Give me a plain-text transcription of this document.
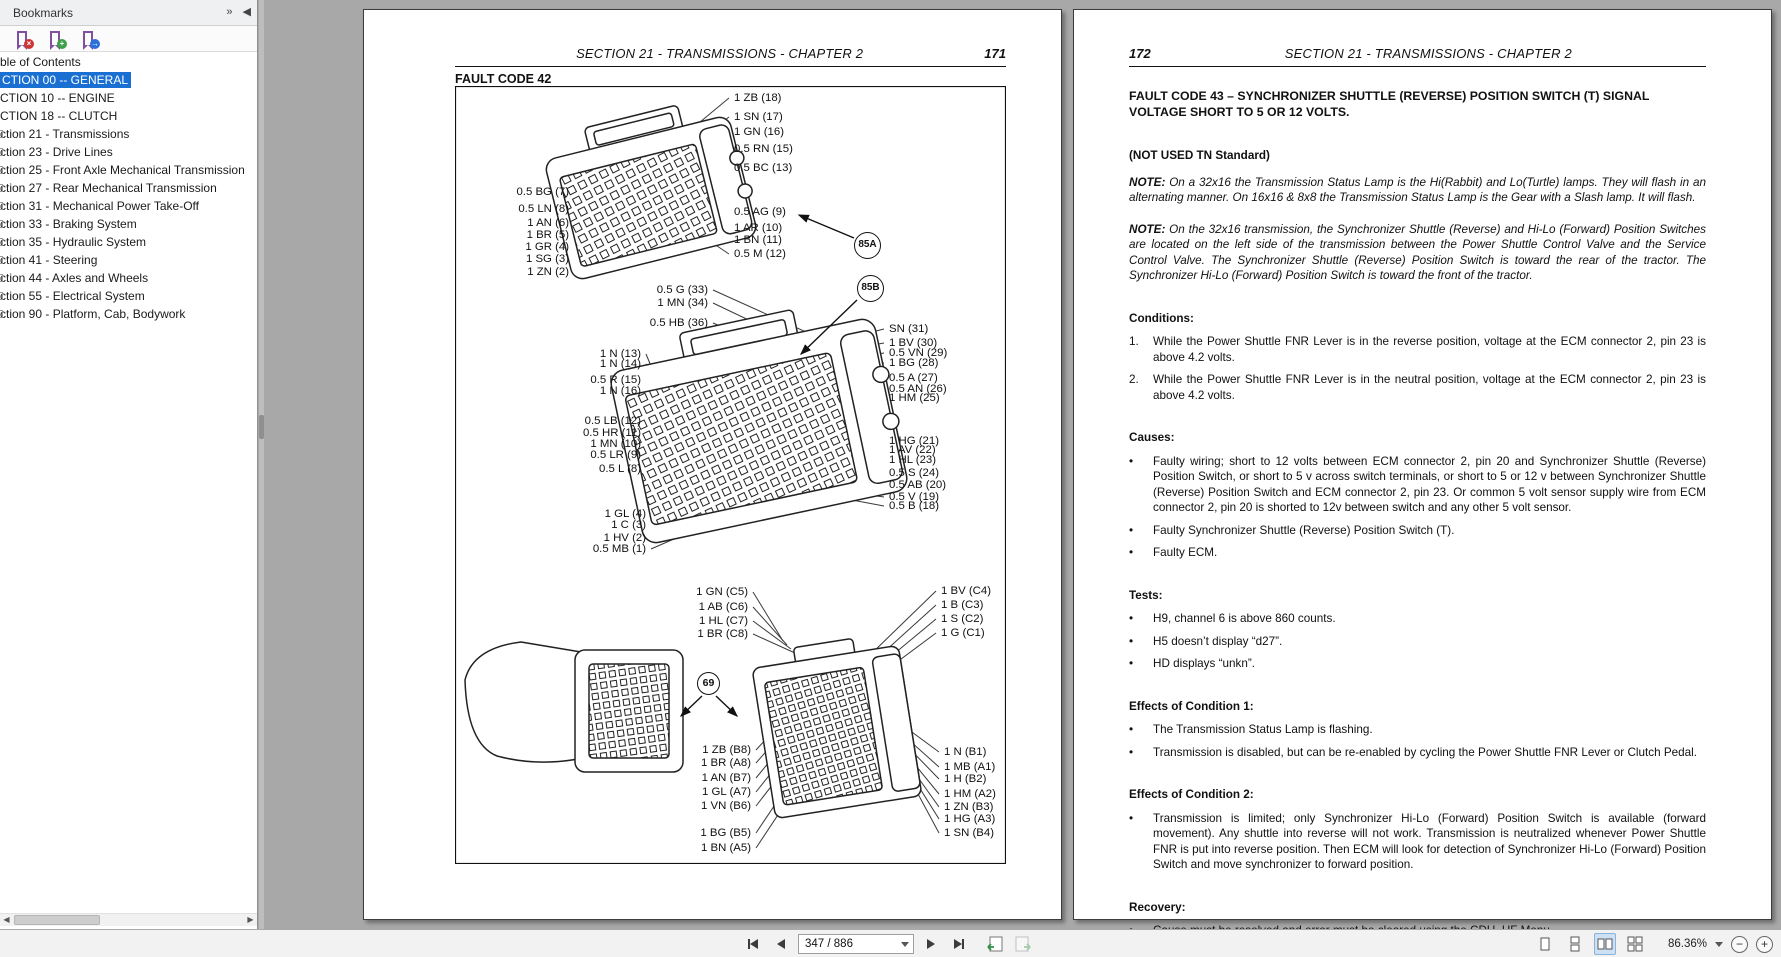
Bookmarks	» ◀
×	+	→
ble of Contents
CTION 00 -- GENERAL
CTION 10 -- ENGINE
CTION 18 -- CLUTCH
ction 21 - Transmissions
ction 23 - Drive Lines
ction 25 - Front Axle Mechanical Transmission
ction 27 - Rear Mechanical Transmission
ction 31 - Mechanical Power Take-Off
ction 33 - Braking System
ction 35 - Hydraulic System
ction 41 - Steering
ction 44 - Axles and Wheels
ction 55 - Electrical System
ction 90 - Platform, Cab, Bodywork
◀	▶
SECTION 21 - TRANSMISSIONS - CHAPTER 2	171
FAULT CODE 42
85A
85B
69
1 ZB (18)
1 SN (17)
1 GN (16)
0.5 RN (15)
0.5 BC (13)
0.5 BG (7)
0.5 LN (8)
1 AN (6)
1 BR (5)
1 GR (4)
1 SG (3)
1 ZN (2)
0.5 AG (9)
1 AR (10)
1 BN (11)
0.5 M (12)
0.5 G (33)
1 MN (34)
0.5 HB (36)
1 N (13)
1 N (14)
0.5 R (15)
1 N (16)
0.5 LB (12)
0.5 HR (11)
1 MN (10)
0.5 LR (9)
0.5 L (8)
SN (31)
1 BV (30)
0.5 VN (29)
1 BG (28)
0.5 A (27)
0.5 AN (26)
1 HM (25)
1 HG (21)
1 AV (22)
1 HL (23)
0.5 S (24)
0.5 AB (20)
0.5 V (19)
0.5 B (18)
1 GL (4)
1 C (3)
1 HV (2)
0.5 MB (1)
1 GN (C5)
1 AB (C6)
1 HL (C7)
1 BR (C8)
1 BV (C4)
1 B (C3)
1 S (C2)
1 G (C1)
1 ZB (B8)
1 BR (A8)
1 AN (B7)
1 GL (A7)
1 VN (B6)
1 BG (B5)
1 BN (A5)
1 N (B1)
1 MB (A1)
1 H (B2)
1 HM (A2)
1 ZN (B3)
1 HG (A3)
1 SN (B4)
172	SECTION 21 - TRANSMISSIONS - CHAPTER 2
FAULT CODE 43 – SYNCHRONIZER SHUTTLE (REVERSE) POSITION SWITCH (T) SIGNAL VOLTAGE SHORT TO 5 OR 12 VOLTS.
(NOT USED TN Standard)

NOTE: On a 32x16 the Transmission Status Lamp is the Hi(Rabbit) and Lo(Turtle) lamps. They will flash in an alternating manner. On 16x16 & 8x8 the Transmission Status Lamp is the Gear with a Slash lamp. It will flash.

NOTE: On the 32x16 transmission, the Synchronizer Shuttle (Reverse) and Hi-Lo (Forward) Position Switches are located on the left side of the transmission between the Power Shuttle Control Valve and the Service Control Valve. The Synchronizer Shuttle (Reverse) Position Switch is toward the rear of the tractor. The Synchronizer Hi-Lo (Forward) Position Switch is toward the front of the tractor.

Conditions:
1.	While the Power Shuttle FNR Lever is in the reverse position, voltage at the ECM connector 2, pin 23 is above 4.2 volts.
2.	While the Power Shuttle FNR Lever is in the neutral position, voltage at the ECM connector 2, pin 23 is above 4.2 volts.
Causes:
•	Faulty wiring; short to 12 volts between ECM connector 2, pin 20 and Synchronizer Shuttle (Reverse) Position Switch, or short to 5 v across switch terminals, or short to 5 or 12 v between Synchronizer Shuttle (Reverse) Position Switch and ECM connector 2, pin 23. Or common 5 volt sensor supply wire from ECM connector 2, pin 20 is shorted to 12v between switch and any other 5 volt sensor.
•	Faulty Synchronizer Shuttle (Reverse) Position Switch (T).
•	Faulty ECM.
Tests:
•	H9, channel 6 is above 860 counts.
•	H5 doesn’t display “d27”.
•	HD displays “unkn”.
Effects of Condition 1:
•	The Transmission Status Lamp is flashing.
•	Transmission is disabled, but can be re-enabled by cycling the Power Shuttle FNR Lever or Clutch Pedal.
Effects of Condition 2:
•	Transmission is limited; only Synchronizer Hi-Lo (Forward) Position Switch is available (forward movement). Any shuttle into reverse will not work. Transmission is neutralized whenever Power Shuttle FNR is put into reverse position. Then ECM will look for detection of Synchronizer Hi-Lo (Forward) Position Switch and move synchronizer to forward position.
Recovery:
347 / 886
86.36%	−	+
